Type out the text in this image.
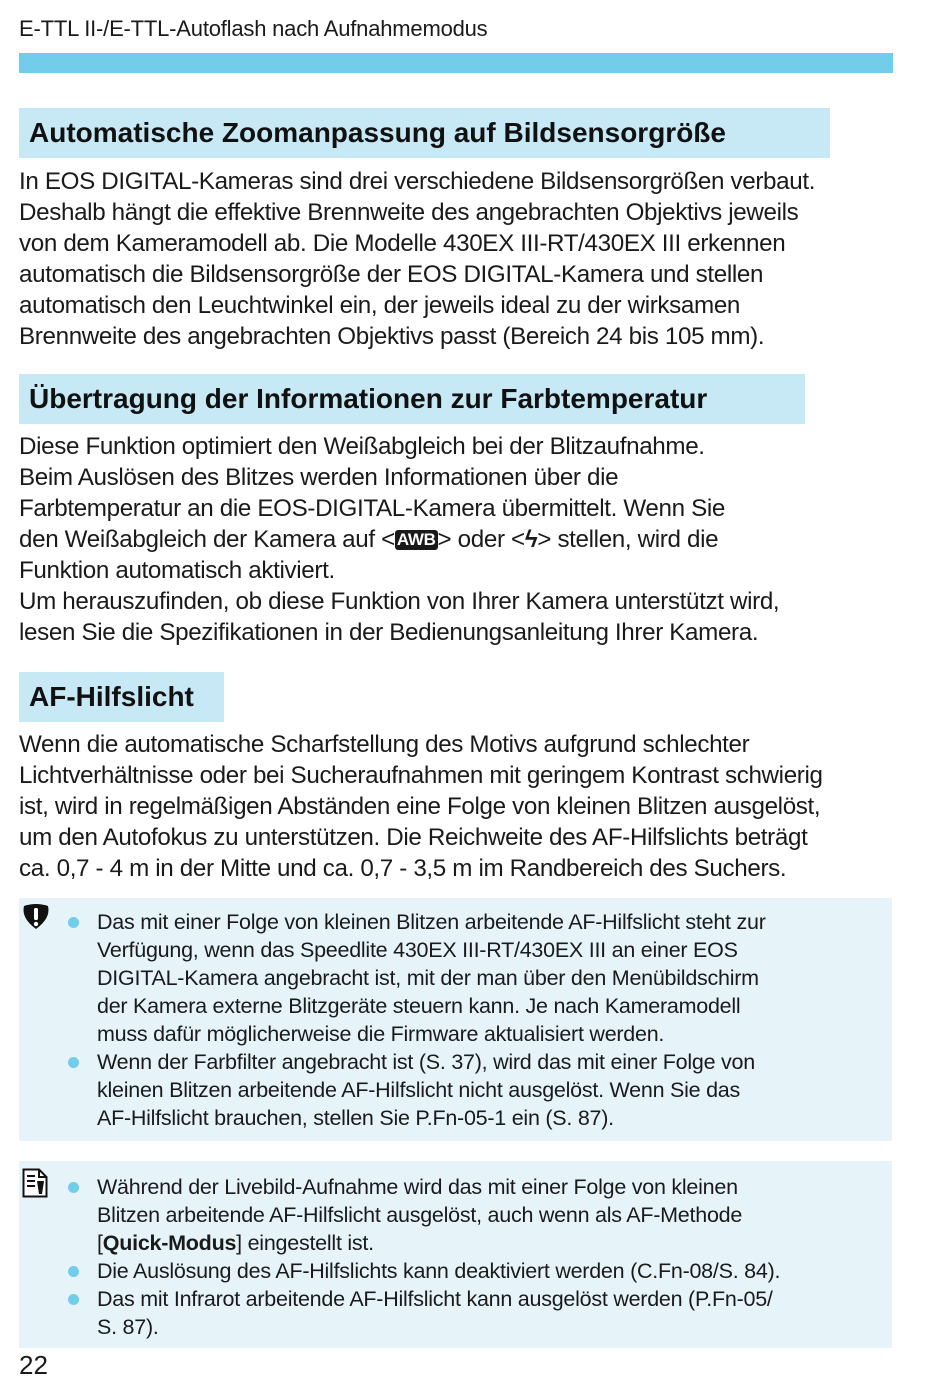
E-TTL II-/E-TTL-Autoflash nach Aufnahmemodus
Automatische Zoomanpassung auf Bildsensorgröße
In EOS DIGITAL-Kameras sind drei verschiedene Bildsensorgrößen verbaut.
Deshalb hängt die effektive Brennweite des angebrachten Objektivs jeweils
von dem Kameramodell ab. Die Modelle 430EX III-RT/430EX III erkennen
automatisch die Bildsensorgröße der EOS DIGITAL-Kamera und stellen
automatisch den Leuchtwinkel ein, der jeweils ideal zu der wirksamen
Brennweite des angebrachten Objektivs passt (Bereich 24 bis 105 mm).
Übertragung der Informationen zur Farbtemperatur
Diese Funktion optimiert den Weißabgleich bei der Blitzaufnahme.
Beim Auslösen des Blitzes werden Informationen über die
Farbtemperatur an die EOS-DIGITAL-Kamera übermittelt. Wenn Sie
den Weißabgleich der Kamera auf < AWB> oder <ϟ> stellen, wird die
Funktion automatisch aktiviert.
Um herauszufinden, ob diese Funktion von Ihrer Kamera unterstützt wird,
lesen Sie die Spezifikationen in der Bedienungsanleitung Ihrer Kamera.
AF-Hilfslicht
Wenn die automatische Scharfstellung des Motivs aufgrund schlechter
Lichtverhältnisse oder bei Sucheraufnahmen mit geringem Kontrast schwierig
ist, wird in regelmäßigen Abständen eine Folge von kleinen Blitzen ausgelöst,
um den Autofokus zu unterstützen. Die Reichweite des AF-Hilfslichts beträgt
ca. 0,7 - 4 m in der Mitte und ca. 0,7 - 3,5 m im Randbereich des Suchers.
Das mit einer Folge von kleinen Blitzen arbeitende AF-Hilfslicht steht zur
Verfügung, wenn das Speedlite 430EX III-RT/430EX III an einer EOS
DIGITAL-Kamera angebracht ist, mit der man über den Menübildschirm
der Kamera externe Blitzgeräte steuern kann. Je nach Kameramodell
muss dafür möglicherweise die Firmware aktualisiert werden.
Wenn der Farbfilter angebracht ist (S. 37), wird das mit einer Folge von
kleinen Blitzen arbeitende AF-Hilfslicht nicht ausgelöst. Wenn Sie das
AF-Hilfslicht brauchen, stellen Sie P.Fn-05-1 ein (S. 87).
Während der Livebild-Aufnahme wird das mit einer Folge von kleinen
Blitzen arbeitende AF-Hilfslicht ausgelöst, auch wenn als AF-Methode
[Quick-Modus] eingestellt ist.
Die Auslösung des AF-Hilfslichts kann deaktiviert werden (C.Fn-08/S. 84).
Das mit Infrarot arbeitende AF-Hilfslicht kann ausgelöst werden (P.Fn-05/
S. 87).
22
